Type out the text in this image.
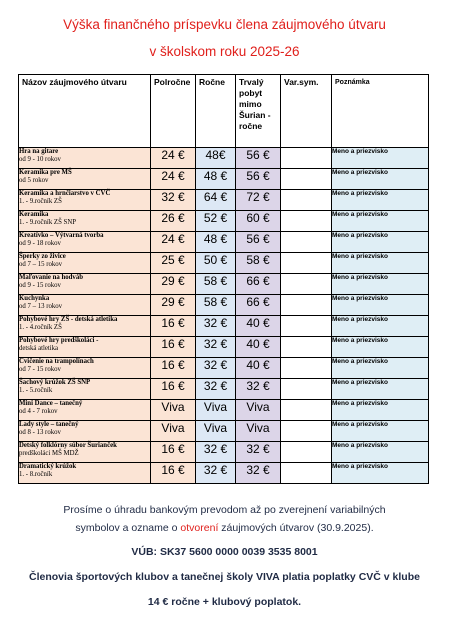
Výška finančného príspevku člena záujmového útvaru
v školskom roku 2025-26
Názov záujmového útvaru	Polročne	Ročne	Trvalý pobyt mimo Šurian - ročne	Var.sym.	Poznámka

Hra na gitare
od 9 - 10 rokov	24 €	48€	56 €		Meno a priezvisko

Keramika pre MŠ
od 5 rokov	24 €	48 €	56 €		Meno a priezvisko

Keramika a hrnčiarstvo v CVČ
1. - 9.ročník ZŠ	32 €	64 €	72 €		Meno a priezvisko

Keramika
1. - 9.ročník ZŠ SNP	26 €	52 €	60 €		Meno a priezvisko

Kreatívko – Výtvarná tvorba
od 9 - 18 rokov	24 €	48 €	56 €		Meno a priezvisko

Šperky zo živice
od 7 – 15 rokov	25 €	50 €	58 €		Meno a priezvisko

Maľovanie na hodváb
od 9 - 15 rokov	29 €	58 €	66 €		Meno a priezvisko

Kuchynka
od 7 – 13 rokov	29 €	58 €	66 €		Meno a priezvisko

Pohybové hry ZŠ - detská atletika
1. - 4.ročník ZŠ	16 €	32 €	40 €		Meno a priezvisko

Pohybové hry predškoláci -
detská atletika	16 €	32 €	40 €		Meno a priezvisko

Cvičenie na trampolínach
od 7 - 15 rokov	16 €	32 €	40 €		Meno a priezvisko

Šachový krúžok ZŠ SNP
1. - 5.ročník	16 €	32 €	32 €		Meno a priezvisko

Mini Dance – tanečný
od 4 - 7 rokov	Viva	Viva	Viva		Meno a priezvisko

Lady style – tanečný
od 8 - 13 rokov	Viva	Viva	Viva		Meno a priezvisko

Detský folklórny súbor Šurianček
predškoláci MŠ MDŽ	16 €	32 €	32 €		Meno a priezvisko

Dramatický krúžok
1. - 8.ročník	16 €	32 €	32 €		Meno a priezvisko
Prosíme o úhradu bankovým prevodom až po zverejnení variabilných
symbolov a ozname o otvorení záujmových útvarov (30.9.2025).
VÚB: SK37 5600 0000 0039 3535 8001
Členovia športových klubov a tanečnej školy VIVA platia poplatky CVČ v klube
14 € ročne + klubový poplatok.
